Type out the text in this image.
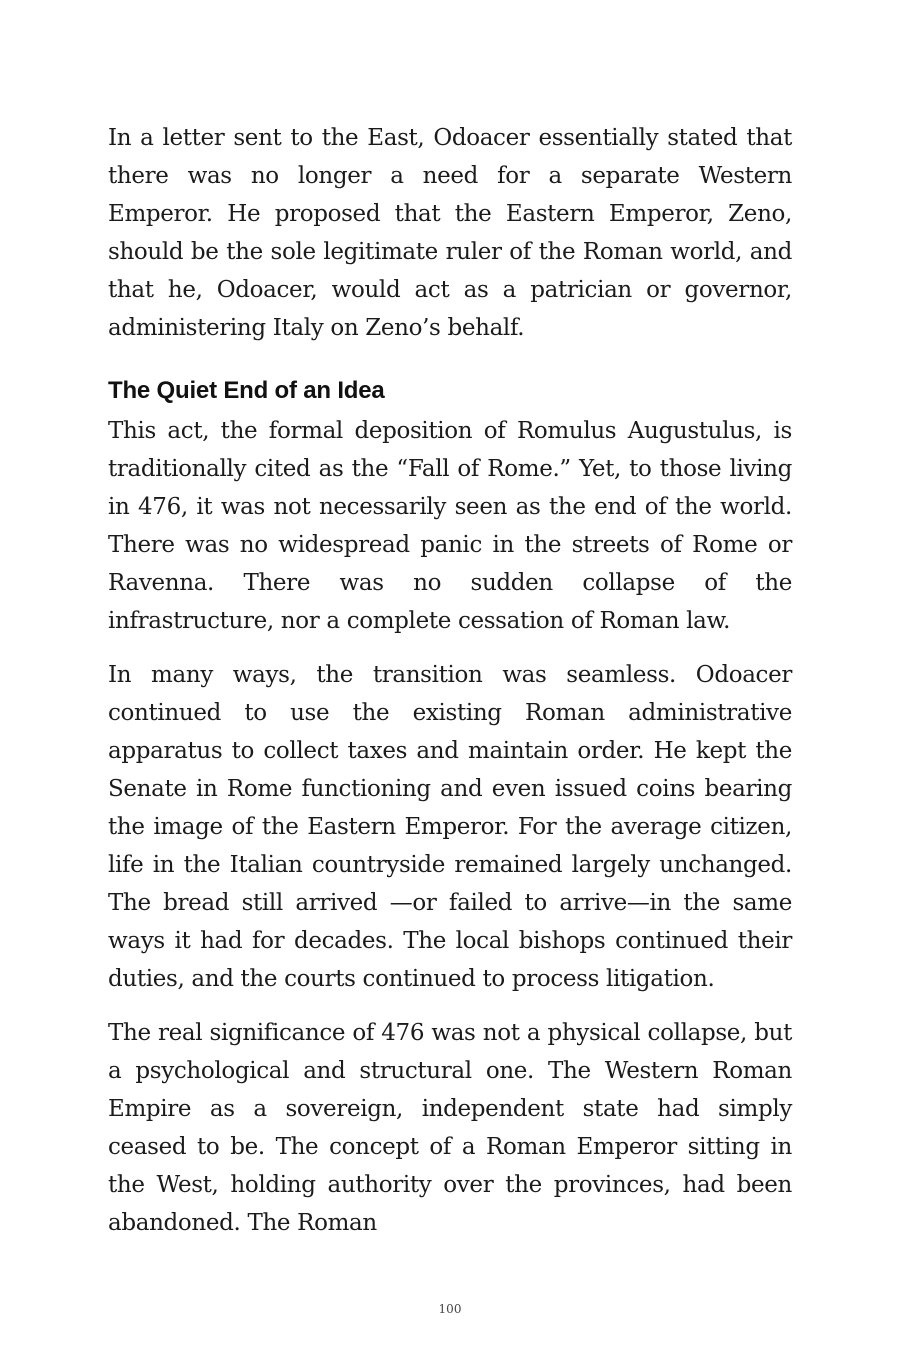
In a letter sent to the East, Odoacer essentially stated that there was no longer a need for a separate Western Emperor. He proposed that the Eastern Emperor, Zeno, should be the sole legitimate ruler of the Roman world, and that he, Odoacer, would act as a patrician or governor, administering Italy on Zeno’s behalf.

The Quiet End of an Idea

This act, the formal deposition of Romulus Augustulus, is traditionally cited as the “Fall of Rome.” Yet, to those living in 476, it was not necessarily seen as the end of the world. There was no widespread panic in the streets of Rome or Ravenna. There was no sudden collapse of the infrastructure, nor a complete cessation of Roman law.

In many ways, the transition was seamless. Odoacer continued to use the existing Roman administrative apparatus to collect taxes and maintain order. He kept the Senate in Rome functioning and even issued coins bearing the image of the Eastern Emperor. For the average citizen, life in the Italian countryside remained largely unchanged. The bread still arrived —or failed to arrive—in the same ways it had for decades. The local bishops continued their duties, and the courts continued to process litigation.

The real significance of 476 was not a physical collapse, but a psychological and structural one. The Western Roman Empire as a sovereign, independent state had simply ceased to be. The concept of a Roman Emperor sitting in the West, holding authority over the provinces, had been abandoned. The Roman

100
